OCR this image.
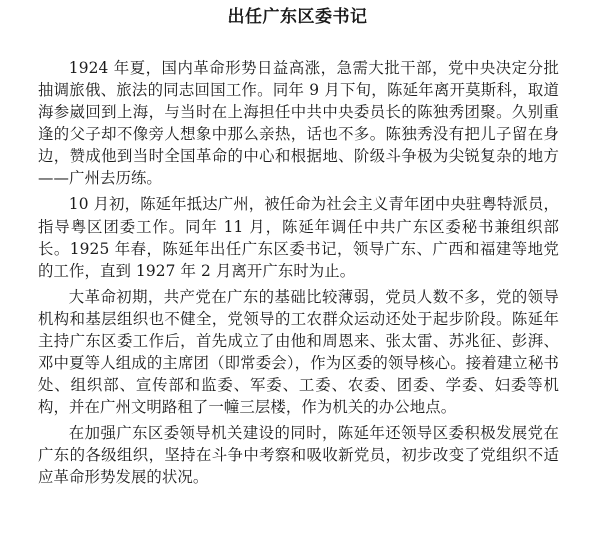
出任广东区委书记

1924 年夏，国内革命形势日益高涨，急需大批干部，党中央决定分批抽调旅俄、旅法的同志回国工作。同年 9 月下旬，陈延年离开莫斯科，取道海参崴回到上海，与当时在上海担任中共中央委员长的陈独秀团聚。久别重逢的父子却不像旁人想象中那么亲热，话也不多。陈独秀没有把儿子留在身边，赞成他到当时全国革命的中心和根据地、阶级斗争极为尖锐复杂的地方——广州去历练。

10 月初，陈延年抵达广州，被任命为社会主义青年团中央驻粤特派员，指导粤区团委工作。同年 11 月，陈延年调任中共广东区委秘书兼组织部长。1925 年春，陈延年出任广东区委书记，领导广东、广西和福建等地党的工作，直到 1927 年 2 月离开广东时为止。

大革命初期，共产党在广东的基础比较薄弱，党员人数不多，党的领导机构和基层组织也不健全，党领导的工农群众运动还处于起步阶段。陈延年主持广东区委工作后，首先成立了由他和周恩来、张太雷、苏兆征、彭湃、邓中夏等人组成的主席团（即常委会），作为区委的领导核心。接着建立秘书处、组织部、宣传部和监委、军委、工委、农委、团委、学委、妇委等机构，并在广州文明路租了一幢三层楼，作为机关的办公地点。

在加强广东区委领导机关建设的同时，陈延年还领导区委积极发展党在广东的各级组织，坚持在斗争中考察和吸收新党员，初步改变了党组织不适应革命形势发展的状况。
